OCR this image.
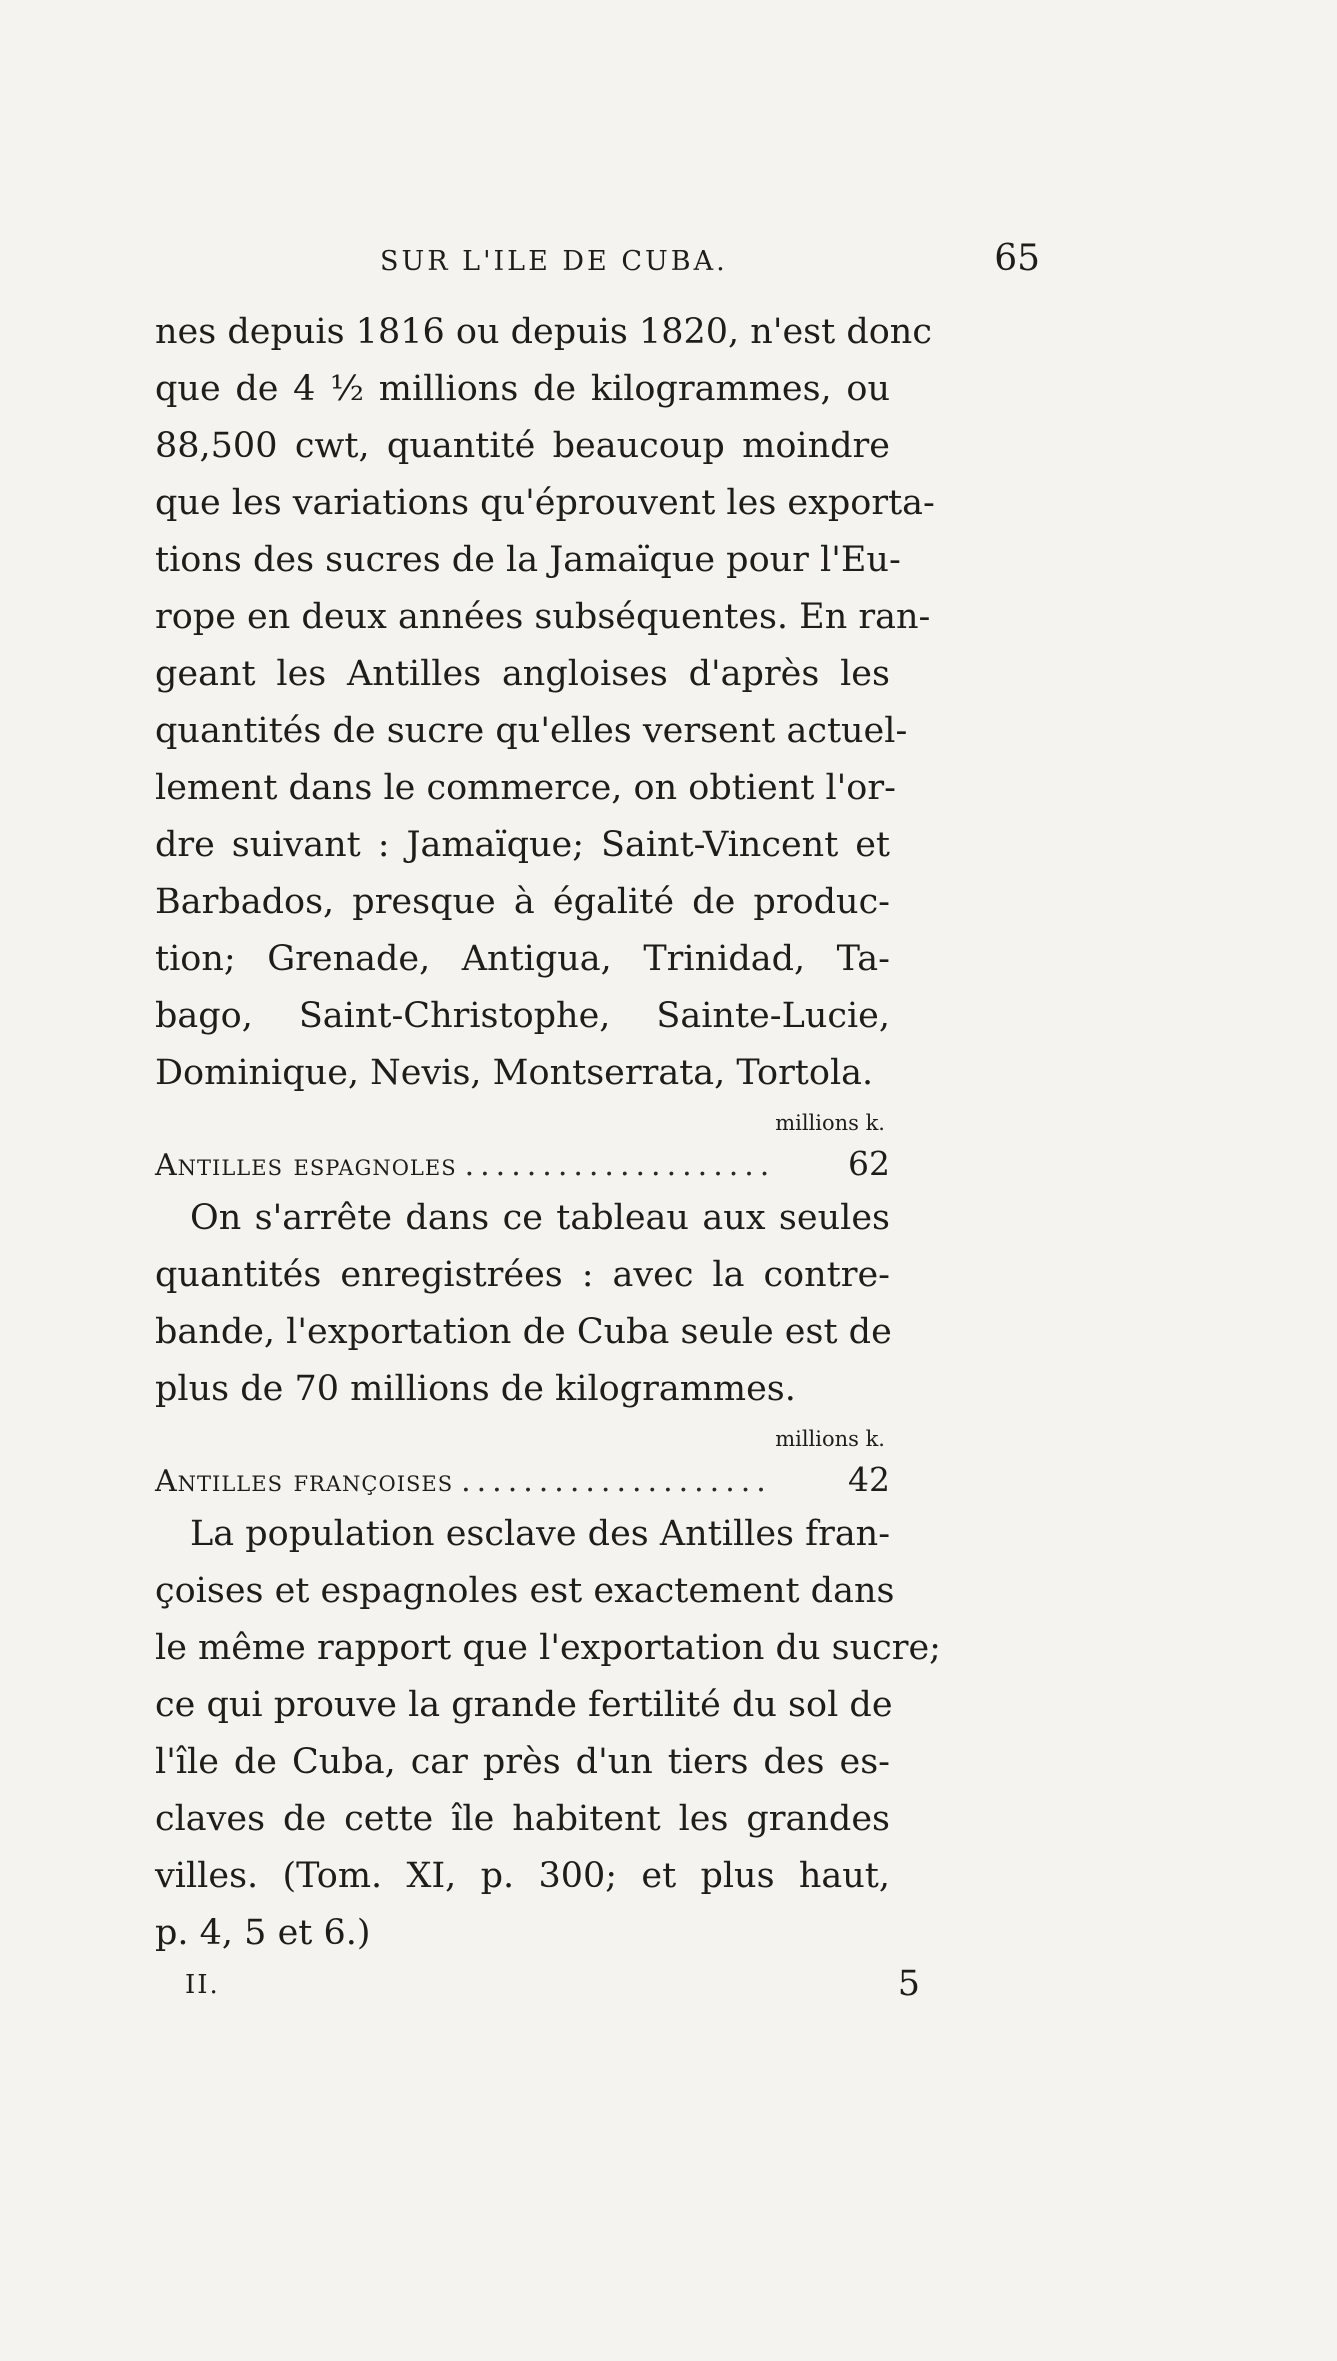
SUR L'ILE DE CUBA.	65
nes depuis 1816 ou depuis 1820, n'est donc
que de 4 ½ millions de kilogrammes, ou
88,500 cwt, quantité beaucoup moindre
que les variations qu'éprouvent les exporta-
tions des sucres de la Jamaïque pour l'Eu-
rope en deux années subséquentes. En ran-
geant les Antilles angloises d'après les
quantités de sucre qu'elles versent actuel-
lement dans le commerce, on obtient l'or-
dre suivant : Jamaïque; Saint-Vincent et
Barbados, presque à égalité de produc-
tion; Grenade, Antigua, Trinidad, Ta-
bago, Saint-Christophe, Sainte-Lucie,
Dominique, Nevis, Montserrata, Tortola.
millions k.
Antilles espagnoles ....................	62
On s'arrête dans ce tableau aux seules
quantités enregistrées : avec la contre-
bande, l'exportation de Cuba seule est de
plus de 70 millions de kilogrammes.
millions k.
Antilles françoises ....................	42
La population esclave des Antilles fran-
çoises et espagnoles est exactement dans
le même rapport que l'exportation du sucre;
ce qui prouve la grande fertilité du sol de
l'île de Cuba, car près d'un tiers des es-
claves de cette île habitent les grandes
villes. (Tom. XI, p. 300; et plus haut,
p. 4, 5 et 6.)
II.	5
